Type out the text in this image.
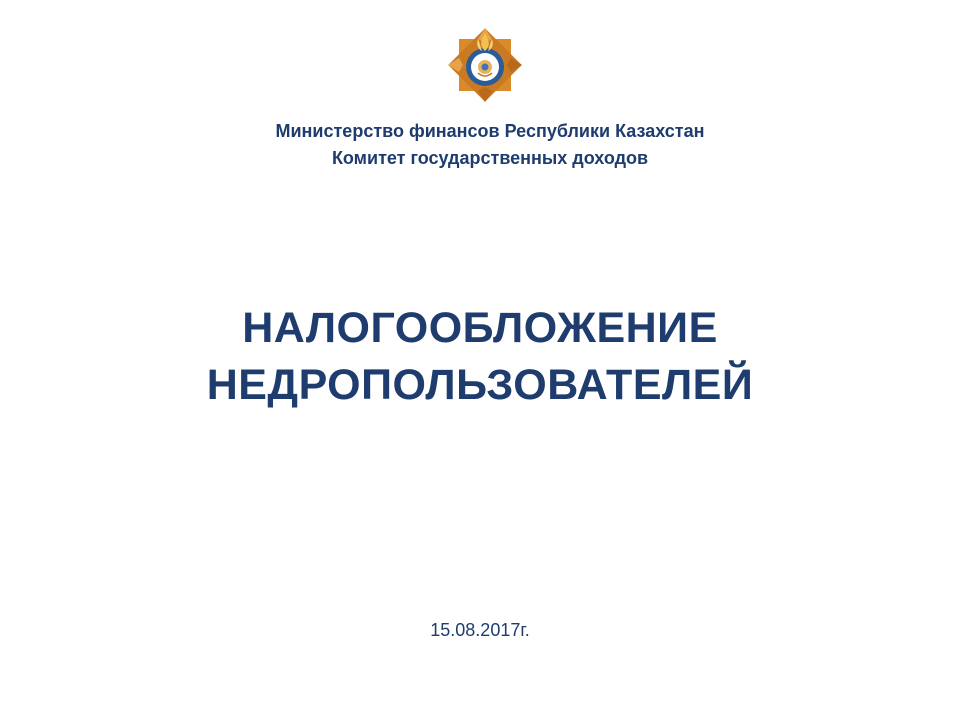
Министерство финансов Республики Казахстан
Комитет государственных доходов
НАЛОГООБЛОЖЕНИЕ
НЕДРОПОЛЬЗОВАТЕЛЕЙ
15.08.2017г.
